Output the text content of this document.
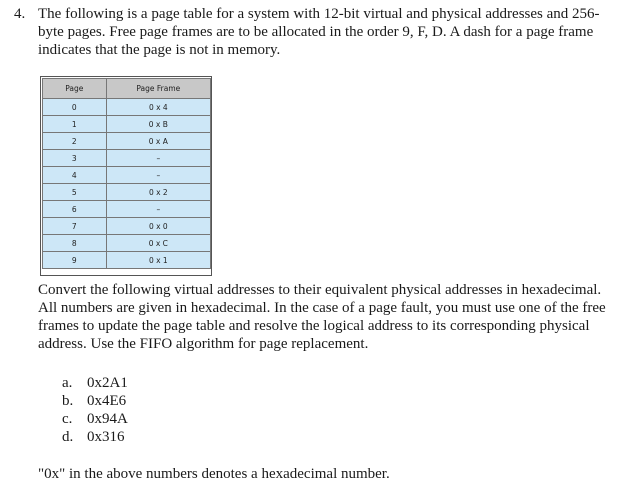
4. The following is a page table for a system with 12-bit virtual and physical addresses and 256-byte pages. Free page frames are to be allocated in the order 9, F, D. A dash for a page frame indicates that the page is not in memory.
Page	Page Frame
0	0 x 4
1	0 x B
2	0 x A
3	–
4	–
5	0 x 2
6	–
7	0 x 0
8	0 x C
9	0 x 1
Convert the following virtual addresses to their equivalent physical addresses in hexadecimal. All numbers are given in hexadecimal. In the case of a page fault, you must use one of the free frames to update the page table and resolve the logical address to its corresponding physical address. Use the FIFO algorithm for page replacement.
a. 0x2A1
b. 0x4E6
c. 0x94A
d. 0x316
"0x" in the above numbers denotes a hexadecimal number.
